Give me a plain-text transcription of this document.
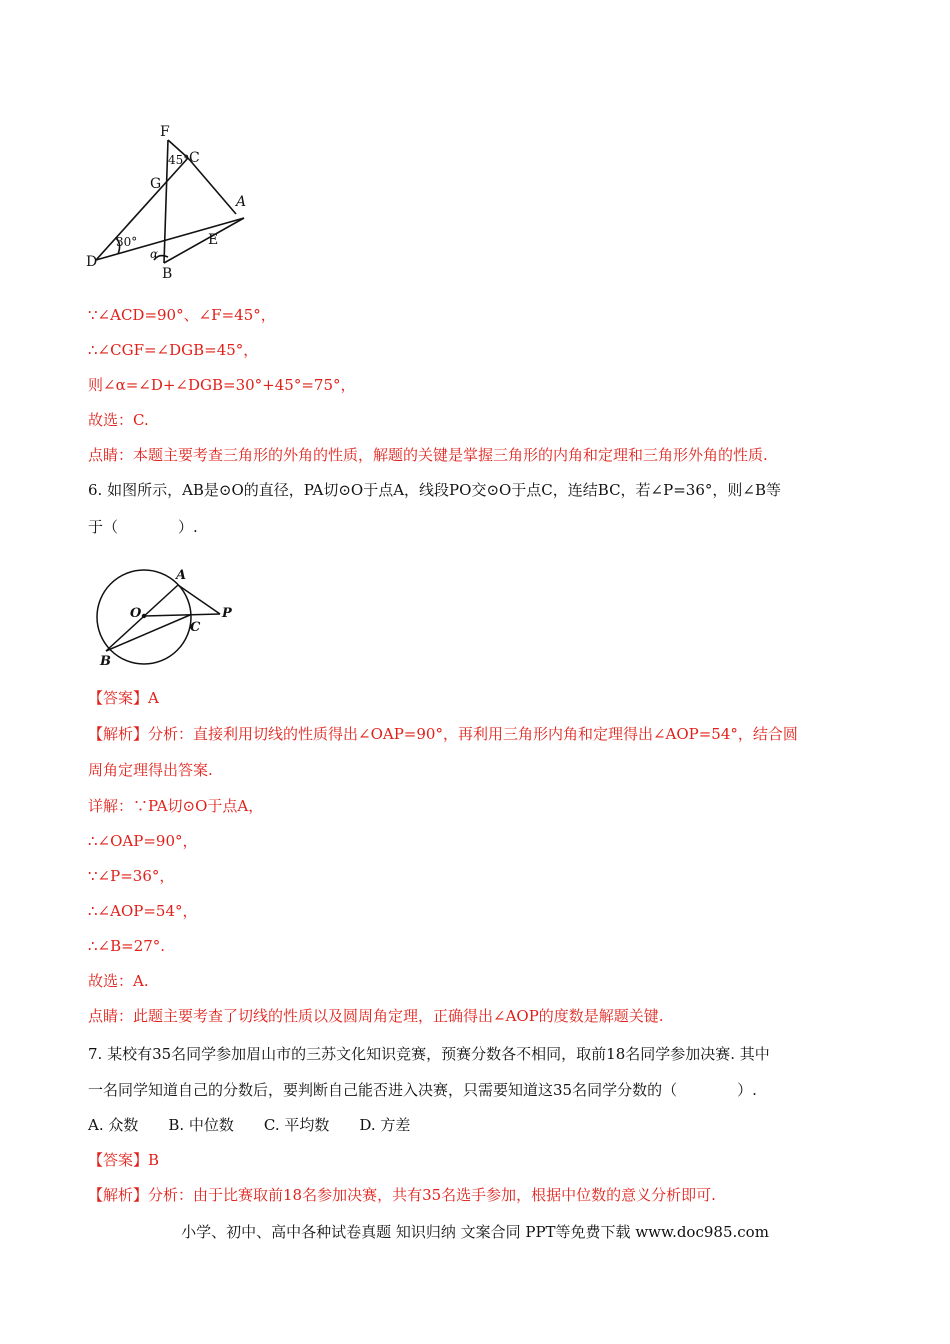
F
C
G
A
D
E
B
45°
30°
α
A
O	P
C
B
∵∠ACD=90°、∠F=45°，
∴∠CGF=∠DGB=45°，
则∠α=∠D+∠DGB=30°+45°=75°，
故选：C.
点睛：本题主要考查三角形的外角的性质，解题的关键是掌握三角形的内角和定理和三角形外角的性质.
6. 如图所示，AB是⊙O的直径，PA切⊙O于点A，线段PO交⊙O于点C，连结BC，若∠P=36°，则∠B等
于（　　　　）.
【答案】A
【解析】分析：直接利用切线的性质得出∠OAP=90°，再利用三角形内角和定理得出∠AOP=54°，结合圆
周角定理得出答案.
详解：∵PA切⊙O于点A，
∴∠OAP=90°，
∵∠P=36°，
∴∠AOP=54°，
∴∠B=27°.
故选：A.
点睛：此题主要考查了切线的性质以及圆周角定理，正确得出∠AOP的度数是解题关键.
7. 某校有35名同学参加眉山市的三苏文化知识竞赛，预赛分数各不相同，取前18名同学参加决赛. 其中
一名同学知道自己的分数后，要判断自己能否进入决赛，只需要知道这35名同学分数的（　　　　）.
A. 众数　　B. 中位数　　C. 平均数　　D. 方差
【答案】B
【解析】分析：由于比赛取前18名参加决赛，共有35名选手参加，根据中位数的意义分析即可.
小学、初中、高中各种试卷真题 知识归纳 文案合同 PPT等免费下载 www.doc985.com
